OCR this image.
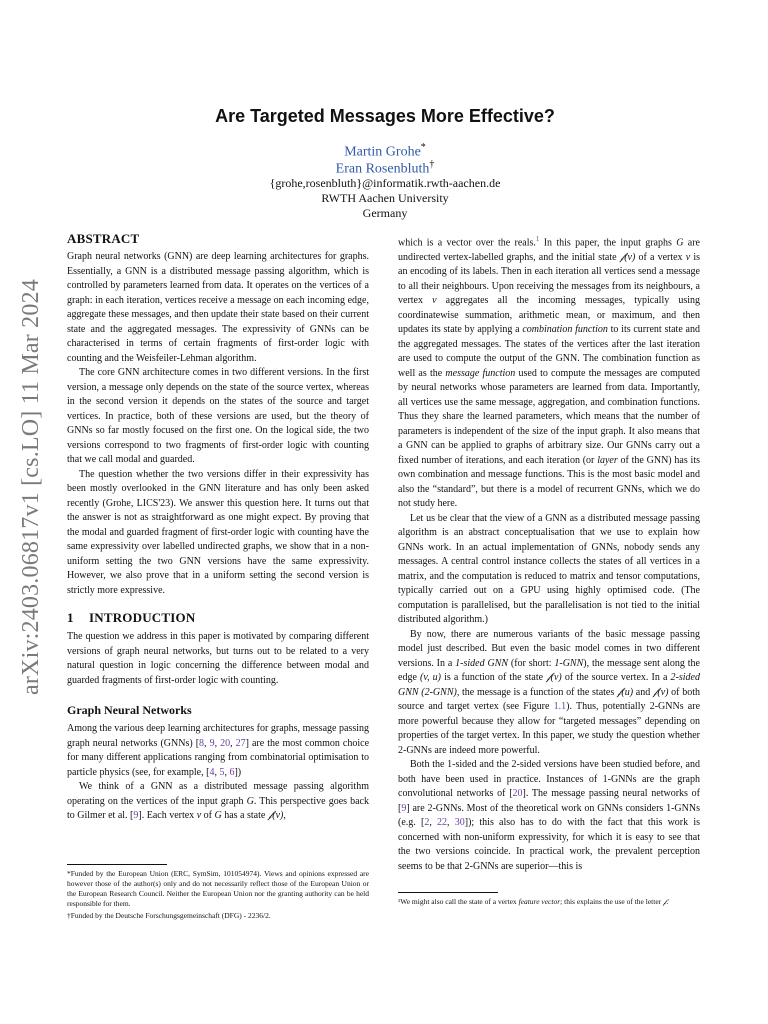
arXiv:2403.06817v1 [cs.LO] 11 Mar 2024
Are Targeted Messages More Effective?
Martin Grohe*
Eran Rosenbluth†
{grohe,rosenbluth}@informatik.rwth-aachen.de
RWTH Aachen University
Germany
ABSTRACT

Graph neural networks (GNN) are deep learning architectures for graphs. Essentially, a GNN is a distributed message passing algorithm, which is controlled by parameters learned from data. It operates on the vertices of a graph: in each iteration, vertices receive a message on each incoming edge, aggregate these messages, and then update their state based on their current state and the aggregated messages. The expressivity of GNNs can be characterised in terms of certain fragments of first-order logic with counting and the Weisfeiler-Lehman algorithm.

The core GNN architecture comes in two different versions. In the first version, a message only depends on the state of the source vertex, whereas in the second version it depends on the states of the source and target vertices. In practice, both of these versions are used, but the theory of GNNs so far mostly focused on the first one. On the logical side, the two versions correspond to two fragments of first-order logic with counting that we call modal and guarded.

The question whether the two versions differ in their expressivity has been mostly overlooked in the GNN literature and has only been asked recently (Grohe, LICS'23). We answer this question here. It turns out that the answer is not as straightforward as one might expect. By proving that the modal and guarded fragment of first-order logic with counting have the same expressivity over labelled undirected graphs, we show that in a non-uniform setting the two GNN versions have the same expressivity. However, we also prove that in a uniform setting the second version is strictly more expressive.

1 INTRODUCTION

The question we address in this paper is motivated by comparing different versions of graph neural networks, but turns out to be related to a very natural question in logic concerning the difference between modal and guarded fragments of first-order logic with counting.

Graph Neural Networks

Among the various deep learning architectures for graphs, message passing graph neural networks (GNNs) [8, 9, 20, 27] are the most common choice for many different applications ranging from combinatorial optimisation to particle physics (see, for example, [4, 5, 6])

We think of a GNN as a distributed message passing algorithm operating on the vertices of the input graph G. This perspective goes back to Gilmer et al. [9]. Each vertex v of G has a state 𝒻(v),

*Funded by the European Union (ERC, SymSim, 101054974). Views and opinions expressed are however those of the author(s) only and do not necessarily reflect those of the European Union or the European Research Council. Neither the European Union nor the granting authority can be held responsible for them.

†Funded by the Deutsche Forschungsgemeinschaft (DFG) - 2236/2.

which is a vector over the reals.$^1$ In this paper, the input graphs G are undirected vertex-labelled graphs, and the initial state 𝒻(v) of a vertex v is an encoding of its labels. Then in each iteration all vertices send a message to all their neighbours. Upon receiving the messages from its neighbours, a vertex v aggregates all the incoming messages, typically using coordinatewise summation, arithmetic mean, or maximum, and then updates its state by applying a combination function to its current state and the aggregated messages. The states of the vertices after the last iteration are used to compute the output of the GNN. The combination function as well as the message function used to compute the messages are computed by neural networks whose parameters are learned from data. Importantly, all vertices use the same message, aggregation, and combination functions. Thus they share the learned parameters, which means that the number of parameters is independent of the size of the input graph. It also means that a GNN can be applied to graphs of arbitrary size. Our GNNs carry out a fixed number of iterations, and each iteration (or layer of the GNN) has its own combination and message functions. This is the most basic model and also the “standard”, but there is a model of recurrent GNNs, which we do not study here.

Let us be clear that the view of a GNN as a distributed message passing algorithm is an abstract conceptualisation that we use to explain how GNNs work. In an actual implementation of GNNs, nobody sends any messages. A central control instance collects the states of all vertices in a matrix, and the computation is reduced to matrix and tensor computations, typically carried out on a GPU using highly optimised code. (The computation is parallelised, but the parallelisation is not tied to the initial distributed algorithm.)

By now, there are numerous variants of the basic message passing model just described. But even the basic model comes in two different versions. In a 1-sided GNN (for short: 1-GNN), the message sent along the edge (v, u) is a function of the state 𝒻(v) of the source vertex. In a 2-sided GNN (2-GNN), the message is a function of the states 𝒻(u) and 𝒻(v) of both source and target vertex (see Figure 1.1). Thus, potentially 2-GNNs are more powerful because they allow for “targeted messages” depending on properties of the target vertex. In this paper, we study the question whether 2-GNNs are indeed more powerful.

Both the 1-sided and the 2-sided versions have been studied before, and both have been used in practice. Instances of 1-GNNs are the graph convolutional networks of [20]. The message passing neural networks of [9] are 2-GNNs. Most of the theoretical work on GNNs considers 1-GNNs (e.g. [2, 22, 30]); this also has to do with the fact that this work is concerned with non-uniform expressivity, for which it is easy to see that the two versions coincide. In practical work, the prevalent perception seems to be that 2-GNNs are superior—this is

¹We might also call the state of a vertex feature vector; this explains the use of the letter 𝒻.
